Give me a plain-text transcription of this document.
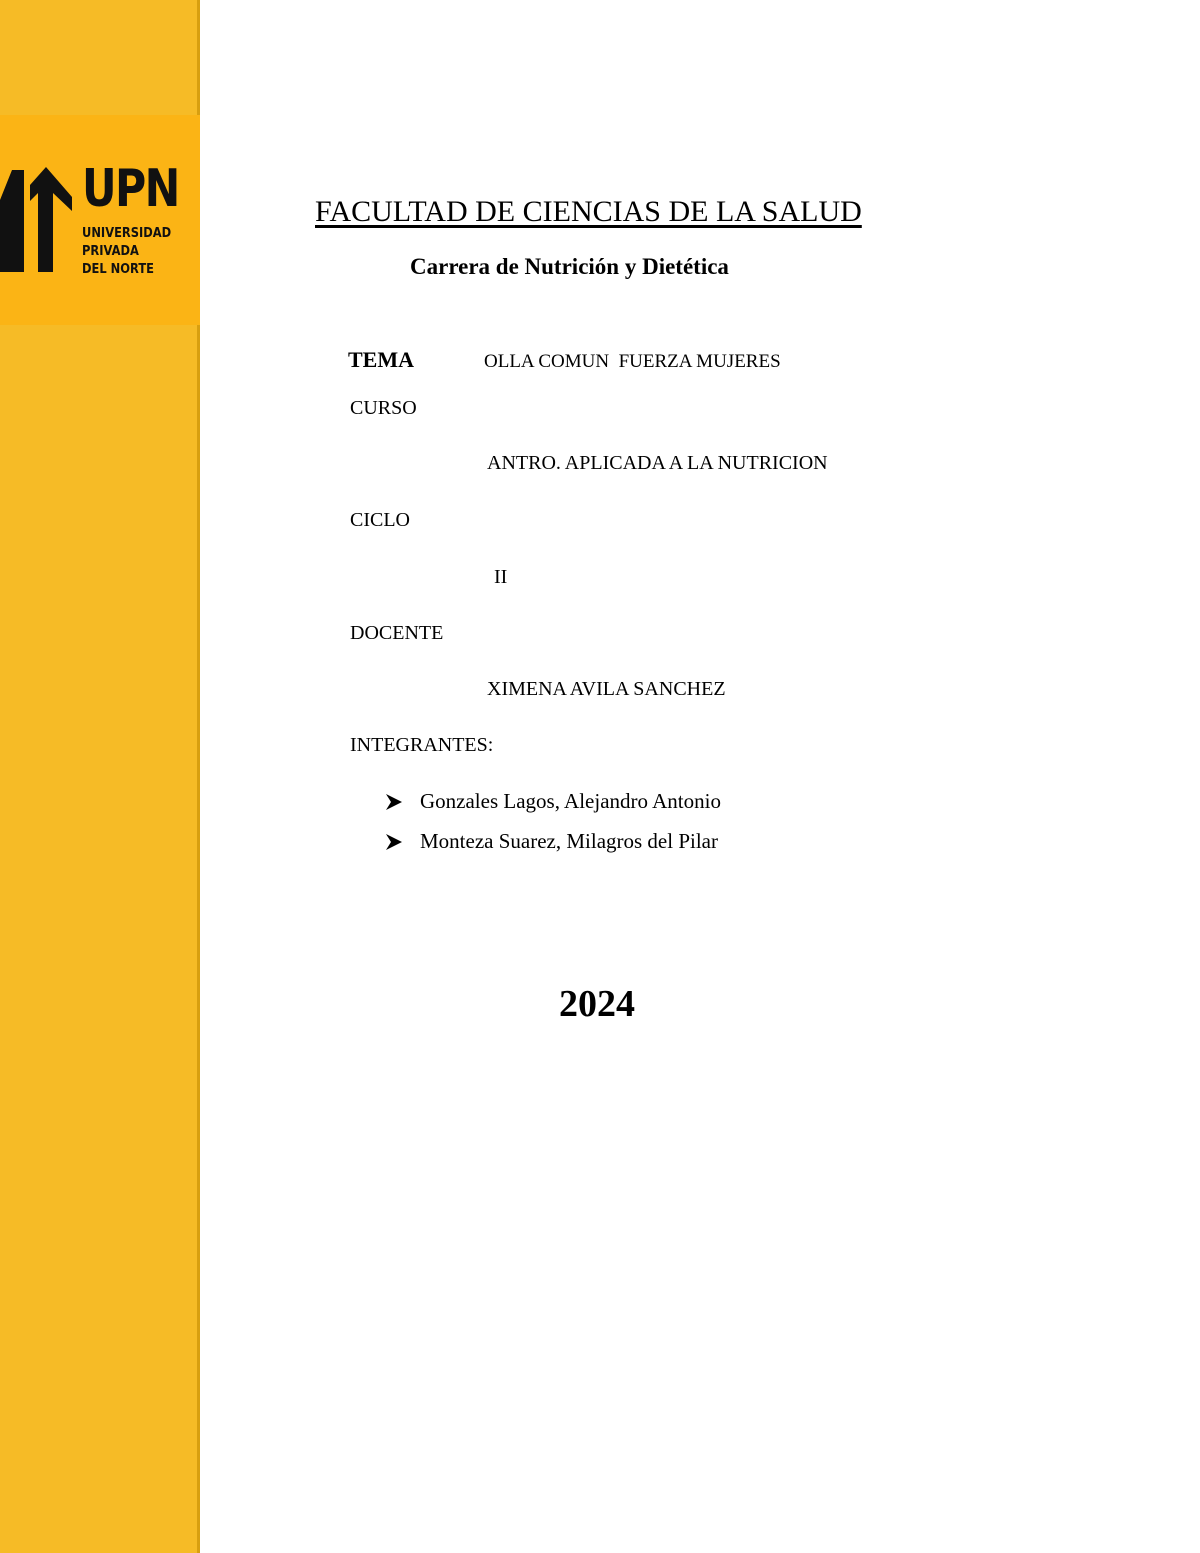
UPN
UNIVERSIDAD
PRIVADA
DEL NORTE
FACULTAD DE CIENCIAS DE LA SALUD
Carrera de Nutrición y Dietética
TEMA	OLLA COMUN  FUERZA MUJERES
CURSO
ANTRO. APLICADA A LA NUTRICION
CICLO
II
DOCENTE
XIMENA AVILA SANCHEZ
INTEGRANTES:
Gonzales Lagos, Alejandro Antonio
Monteza Suarez, Milagros del Pilar
2024
